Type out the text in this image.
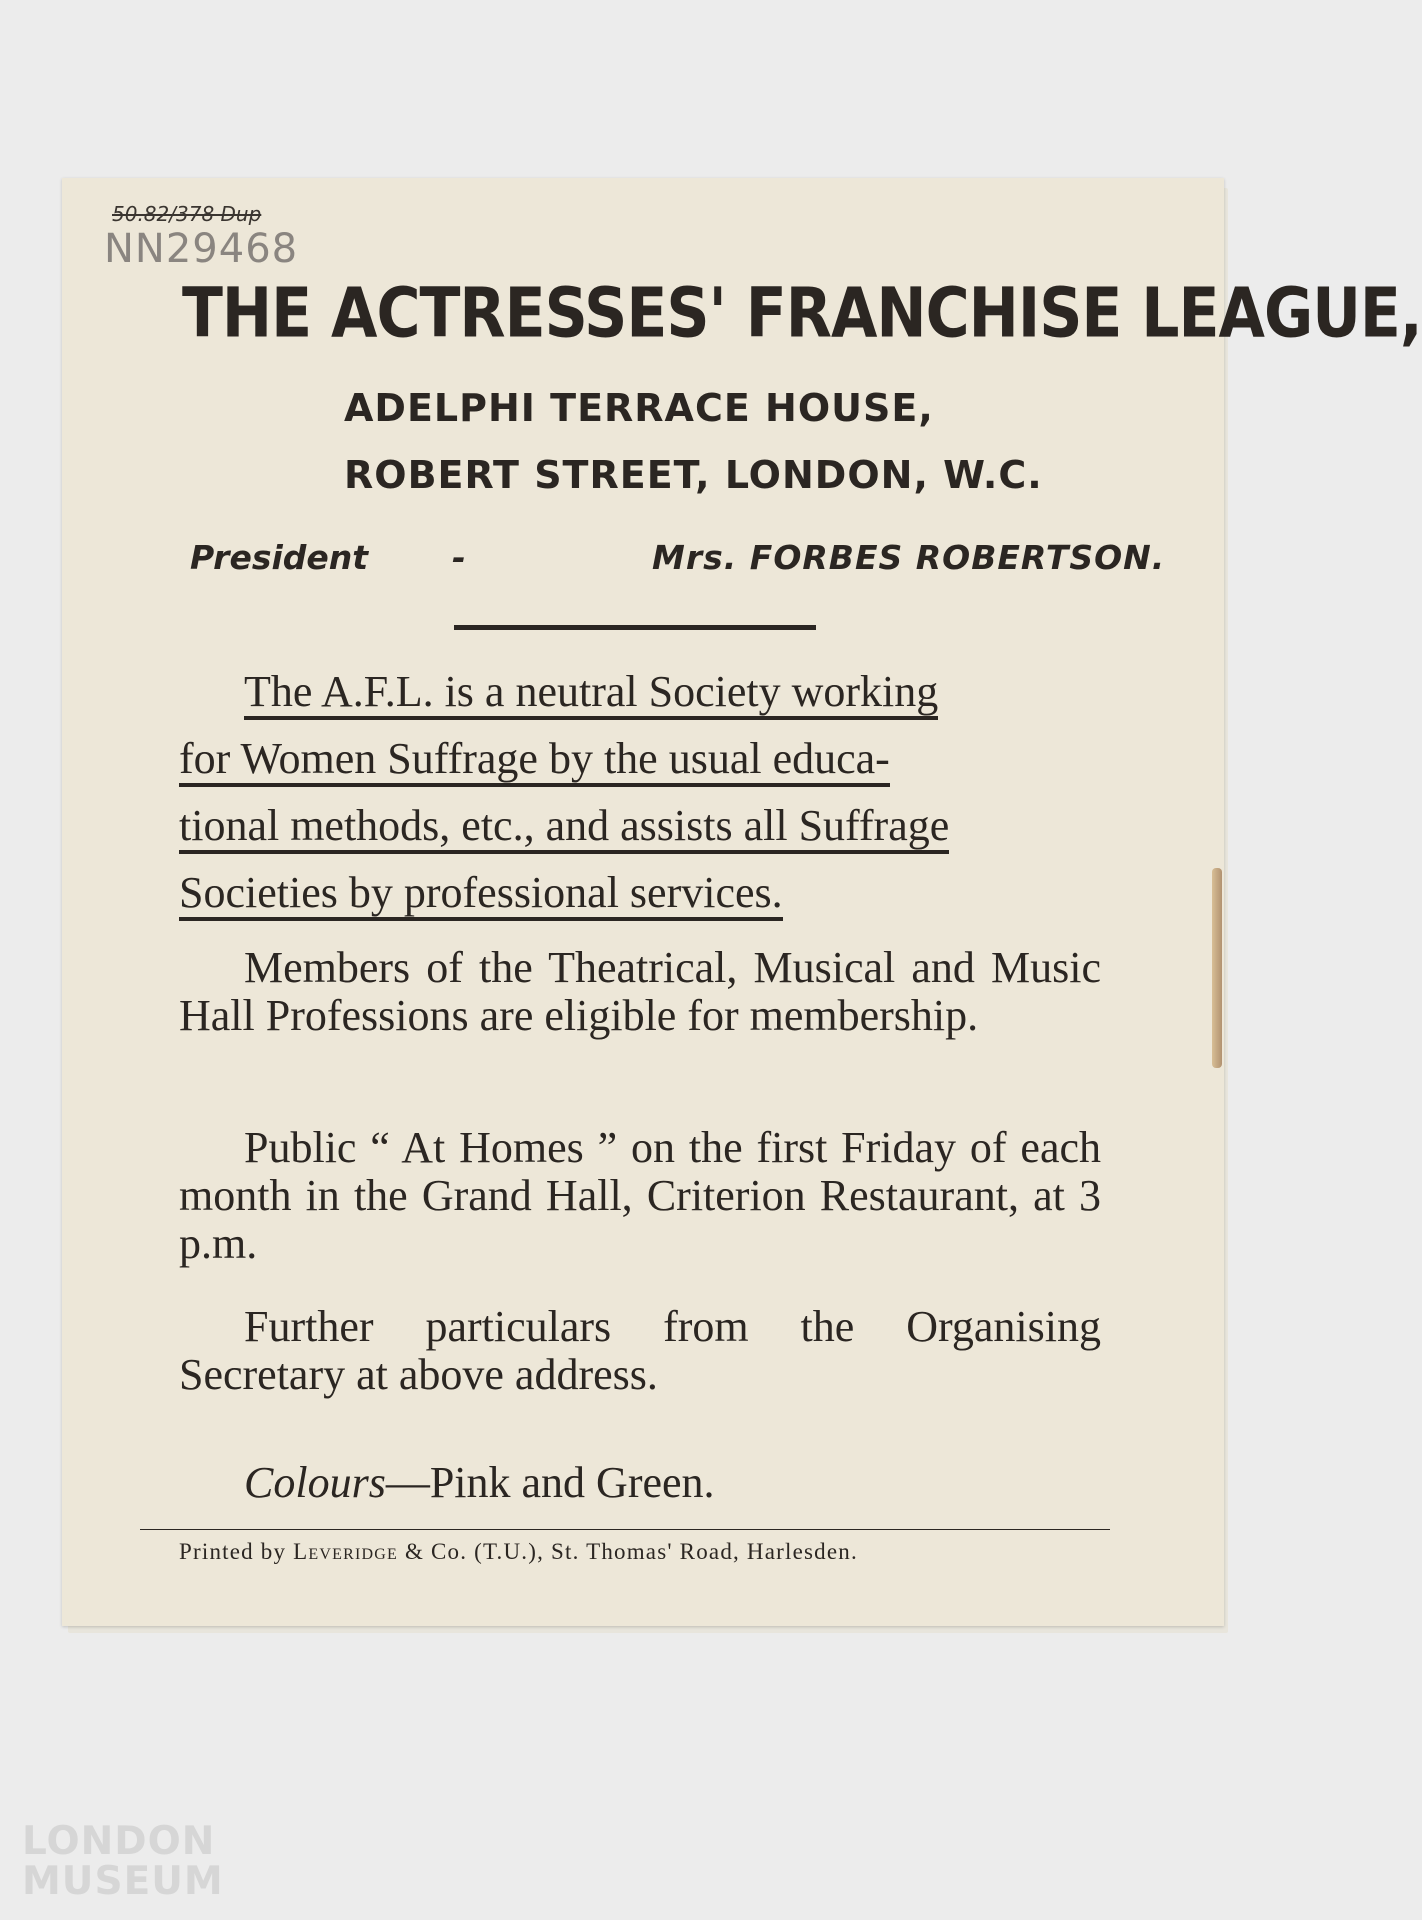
50.82/378 Dup
NN29468
THE ACTRESSES' FRANCHISE LEAGUE,
ADELPHI TERRACE HOUSE,
ROBERT STREET, LONDON, W.C.
President	-	Mrs. FORBES ROBERTSON.
The A.F.L. is a neutral Society working
for Women Suffrage by the usual educa-
tional methods, etc., and assists all Suffrage
Societies by professional services.
Members of the Theatrical, Musical and Music Hall Professions are eligible for membership.
Public “ At Homes ” on the first Friday of each month in the Grand Hall, Criterion Restaurant, at 3 p.m.
Further particulars from the Organising Secretary at above address.
Colours—Pink and Green.
Printed by Leveridge & Co. (T.U.), St. Thomas' Road, Harlesden.
LONDON
MUSEUM
